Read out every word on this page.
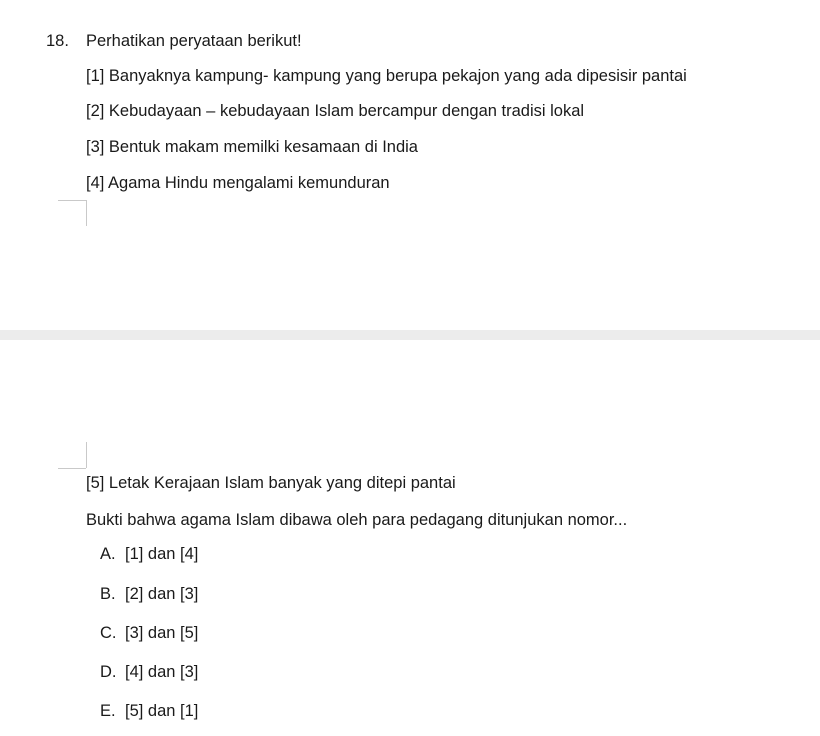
18. Perhatikan peryataan berikut!
[1] Banyaknya kampung- kampung yang berupa pekajon yang ada dipesisir pantai
[2] Kebudayaan – kebudayaan Islam bercampur dengan tradisi lokal
[3] Bentuk makam memilki kesamaan di India
[4] Agama Hindu mengalami kemunduran
[5] Letak Kerajaan Islam banyak yang ditepi pantai
Bukti bahwa agama Islam dibawa oleh para pedagang ditunjukan nomor...
A. [1] dan [4]
B. [2] dan [3]
C. [3] dan [5]
D. [4] dan [3]
E. [5] dan [1]
